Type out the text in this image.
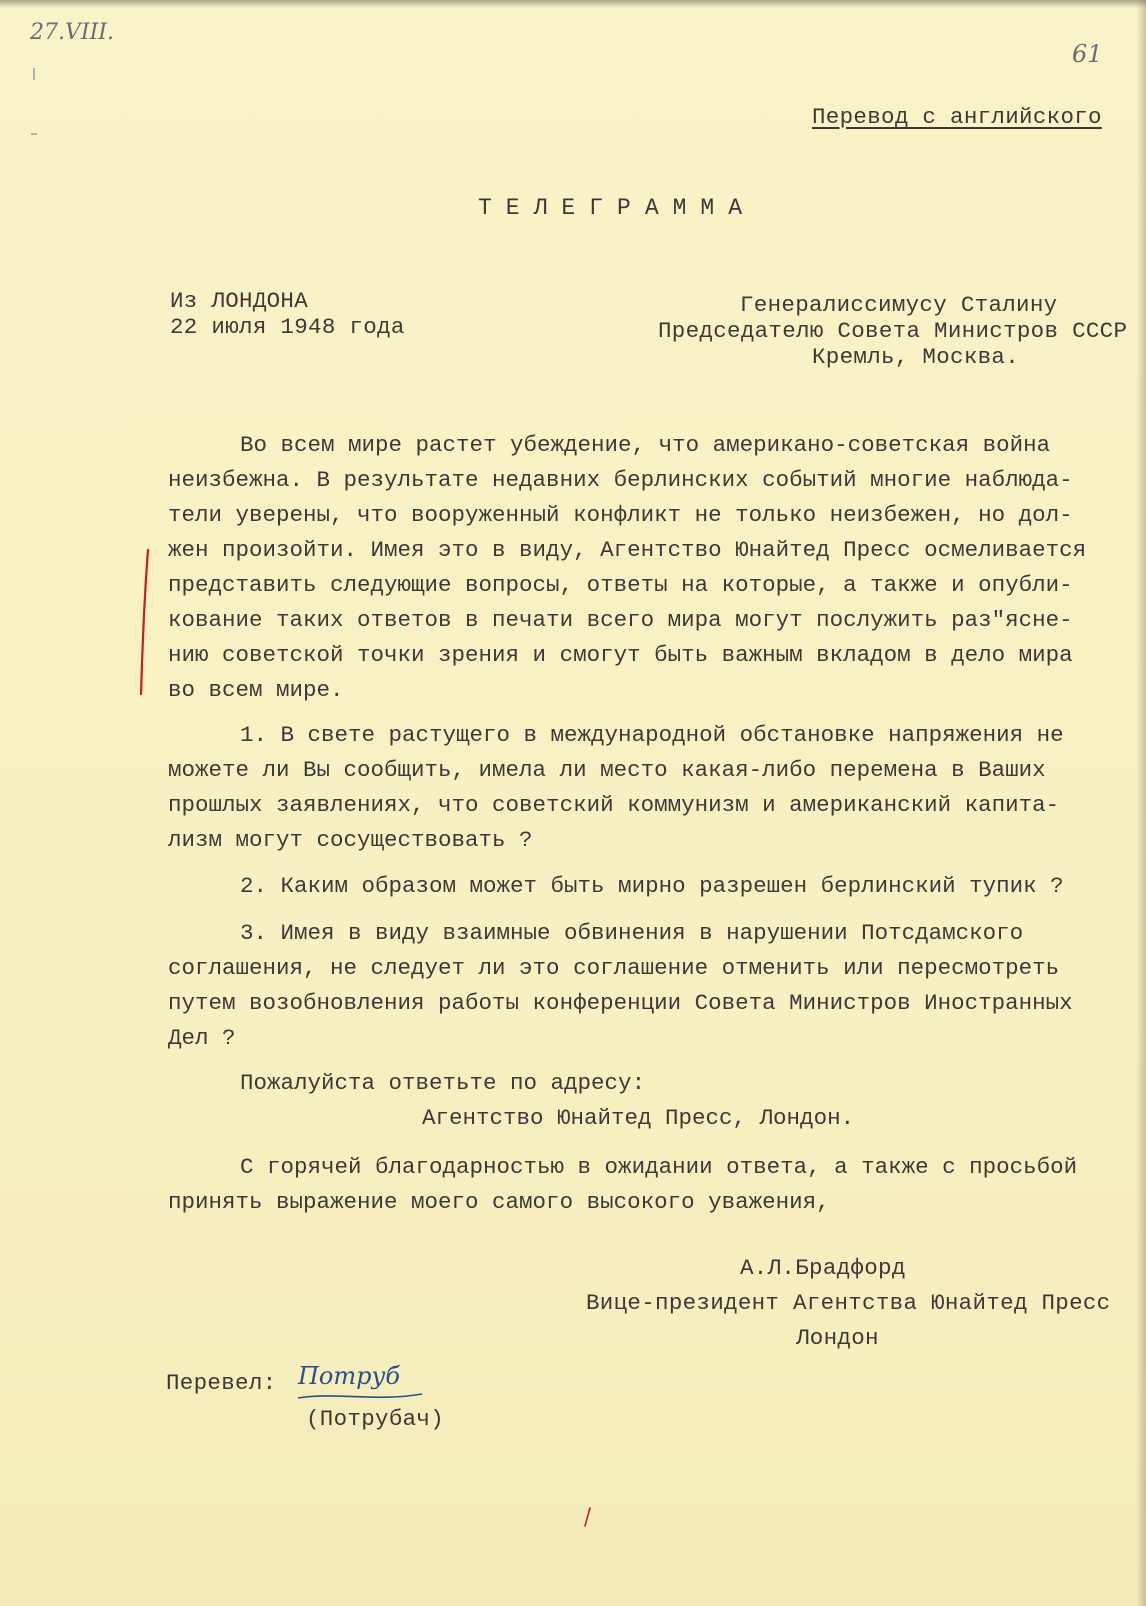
27.VIII.
61
Перевод с английского
ТЕЛЕГРАММА
Из ЛОНДОНА
22 июля 1948 года
Генералиссимусу Сталину
Председателю Совета Министров СССР
Кремль, Москва.
Во всем мире растет убеждение, что американо-советская война
неизбежна. В результате недавних берлинских событий многие наблюда-
тели уверены, что вооруженный конфликт не только неизбежен, но дол-
жен произойти. Имея это в виду, Агентство Юнайтед Пресс осмеливается
представить следующие вопросы, ответы на которые, а также и опубли-
кование таких ответов в печати всего мира могут послужить раз"ясне-
нию советской точки зрения и смогут быть важным вкладом в дело мира
во всем мире.
1. В свете растущего в международной обстановке напряжения не
можете ли Вы сообщить, имела ли место какая-либо перемена в Ваших
прошлых заявлениях, что советский коммунизм и американский капита-
лизм могут сосуществовать ?
2. Каким образом может быть мирно разрешен берлинский тупик ?
3. Имея в виду взаимные обвинения в нарушении Потсдамского
соглашения, не следует ли это соглашение отменить или пересмотреть
путем возобновления работы конференции Совета Министров Иностранных
Дел ?
Пожалуйста ответьте по адресу:
Агентство Юнайтед Пресс, Лондон.
С горячей благодарностью в ожидании ответа, а также с просьбой
принять выражение моего самого высокого уважения,
А.Л.Брадфорд
Вице-президент Агентства Юнайтед Пресс
Лондон
Перевел: Потруб
(Потрубач)
